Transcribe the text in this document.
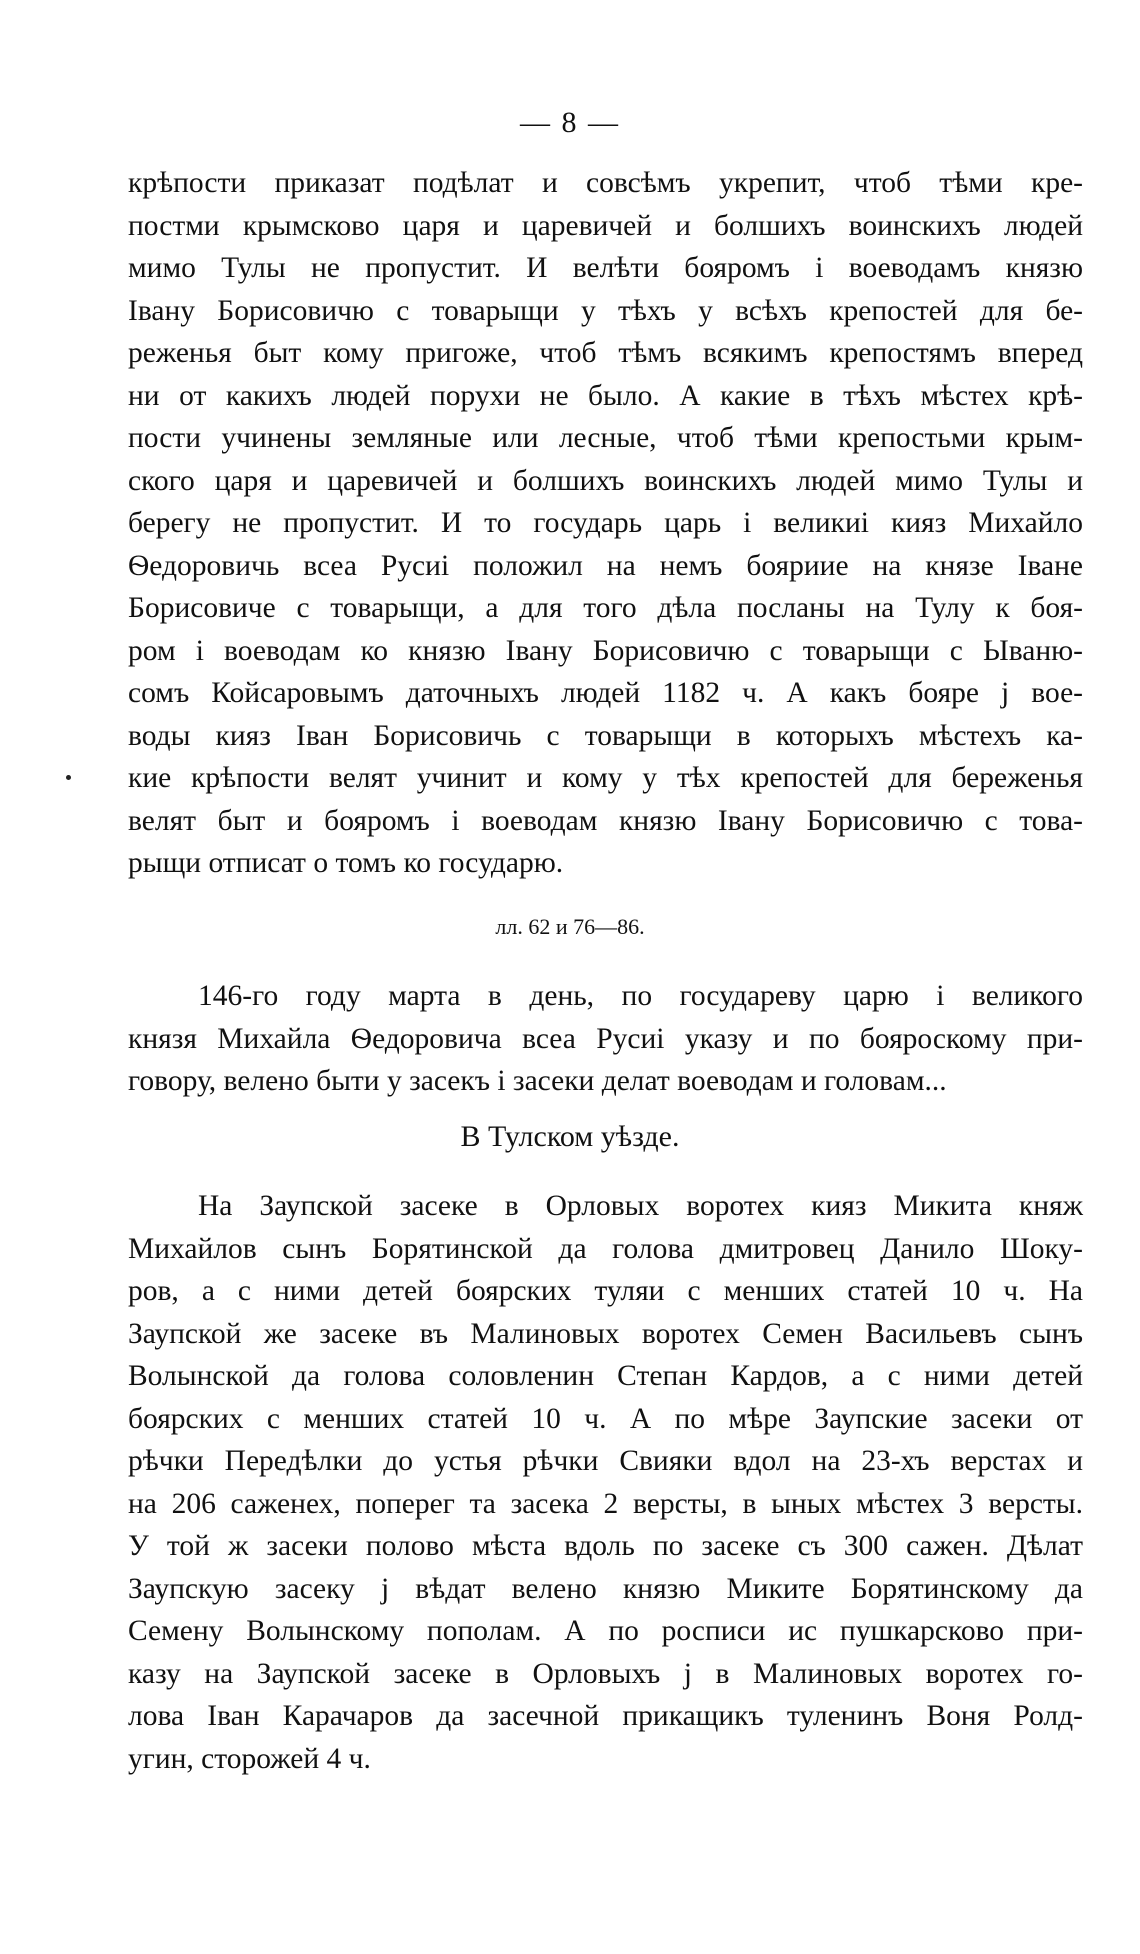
— 8 —
крѣпости приказат подѣлат и совсѣмъ укрепит, чтоб тѣми кре-
постми крымсково царя и царевичей и болшихъ воинскихъ людей
мимо Тулы не пропустит. И велѣти бояромъ і воеводамъ князю
Івану Борисовичю с товарыщи у тѣхъ у всѣхъ крепостей для бе-
реженья быт кому пригоже, чтоб тѣмъ всякимъ крепостямъ вперед
ни от какихъ людей порухи не было. А какие в тѣхъ мѣстех крѣ-
пости учинены земляные или лесные, чтоб тѣми крепостьми крым-
ского царя и царевичей и болшихъ воинскихъ людей мимо Тулы и
берегу не пропустит. И то государь царь і великиі кияз Михайло
Ѳедоровичь всеа Русиі положил на немъ бояриие на князе Іване
Борисовиче с товарыщи, а для того дѣла посланы на Тулу к боя-
ром і воеводам ко князю Івану Борисовичю с товарыщи с Ываню-
сомъ Койсаровымъ даточныхъ людей 1182 ч. А какъ бояре ј вое-
воды кияз Іван Борисовичь с товарыщи в которыхъ мѣстехъ ка-
кие крѣпости велят учинит и кому у тѣх крепостей для береженья
велят быт и бояромъ і воеводам князю Івану Борисовичю с това-
рыщи отписат о томъ ко государю.
лл. 62 и 76—86.
146-го году марта в день, по государеву царю і великого
князя Михайла Ѳедоровича всеа Русиі указу и по бояроскому при-
говору, велено быти у засекъ і засеки делат воеводам и головам...
В Тулском уѣзде.
На Заупской засеке в Орловых воротех кияз Микита княж
Михайлов сынъ Борятинской да голова дмитровец Данило Шоку-
ров, а с ними детей боярских туляи с менших статей 10 ч. На
Заупской же засеке въ Малиновых воротех Семен Васильевъ сынъ
Волынской да голова соловленин Степан Кардов, а с ними детей
боярских с менших статей 10 ч. А по мѣре Заупские засеки от
рѣчки Передѣлки до устья рѣчки Свияки вдол на 23-хъ верстах и
на 206 саженех, поперег та засека 2 версты, в ыных мѣстех 3 версты.
У той ж засеки полово мѣста вдоль по засеке съ 300 сажен. Дѣлат
Заупскую засеку ј вѣдат велено князю Миките Борятинскому да
Семену Волынскому пополам. А по росписи ис пушкарсково при-
казу на Заупской засеке в Орловыхъ ј в Малиновых воротех го-
лова Іван Карачаров да засечной прикащикъ туленинъ Воня Ролд-
угин, сторожей 4 ч.
